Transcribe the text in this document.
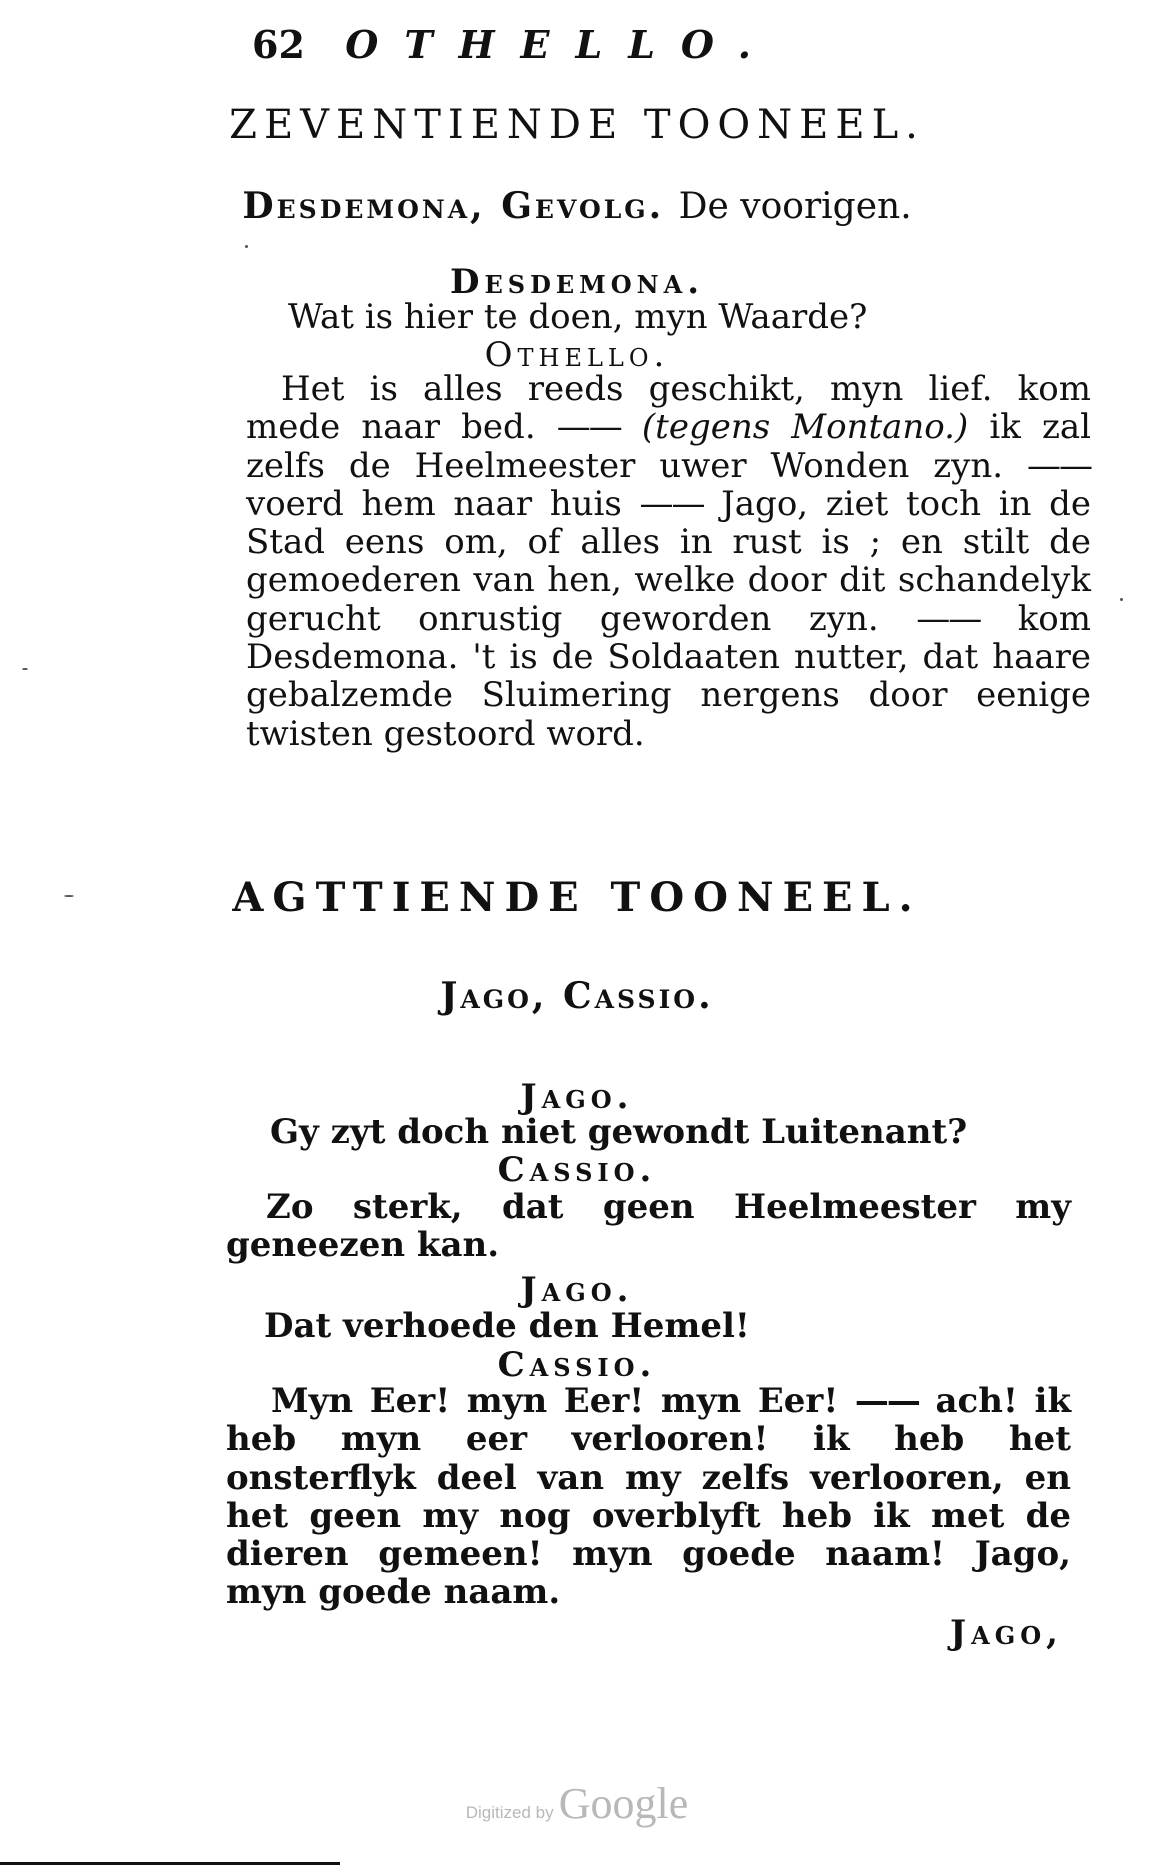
62 OTHELLO.
ZEVENTIENDE TOONEEL.
Desdemona, Gevolg. De voorigen.
Desdemona.
Wat is hier te doen, myn Waarde?
Othello.
Het is alles reeds geschikt, myn lief. kom mede naar bed. —— (tegens Montano.) ik zal zelfs de Heelmeester uwer Wonden zyn. —— voerd hem naar huis —— Jago, ziet toch in de Stad eens om, of alles in rust is ; en stilt de gemoederen van hen, welke door dit schandelyk gerucht onrustig geworden zyn. —— kom Desdemona. 't is de Soldaaten nutter, dat haare gebalzemde Sluimering nergens door eenige twisten gestoord word.
AGTTIENDE TOONEEL.
Jago, Cassio.
Jago.
Gy zyt doch niet gewondt Luitenant?
Cassio.
Zo sterk, dat geen Heelmeester my geneezen kan.
Jago.
Dat verhoede den Hemel!
Cassio.
Myn Eer! myn Eer! myn Eer! —— ach! ik heb myn eer verlooren! ik heb het onsterflyk deel van my zelfs verlooren, en het geen my nog overblyft heb ik met de dieren gemeen! myn goede naam! Jago, myn goede naam.
Jago,
Digitized by Google
